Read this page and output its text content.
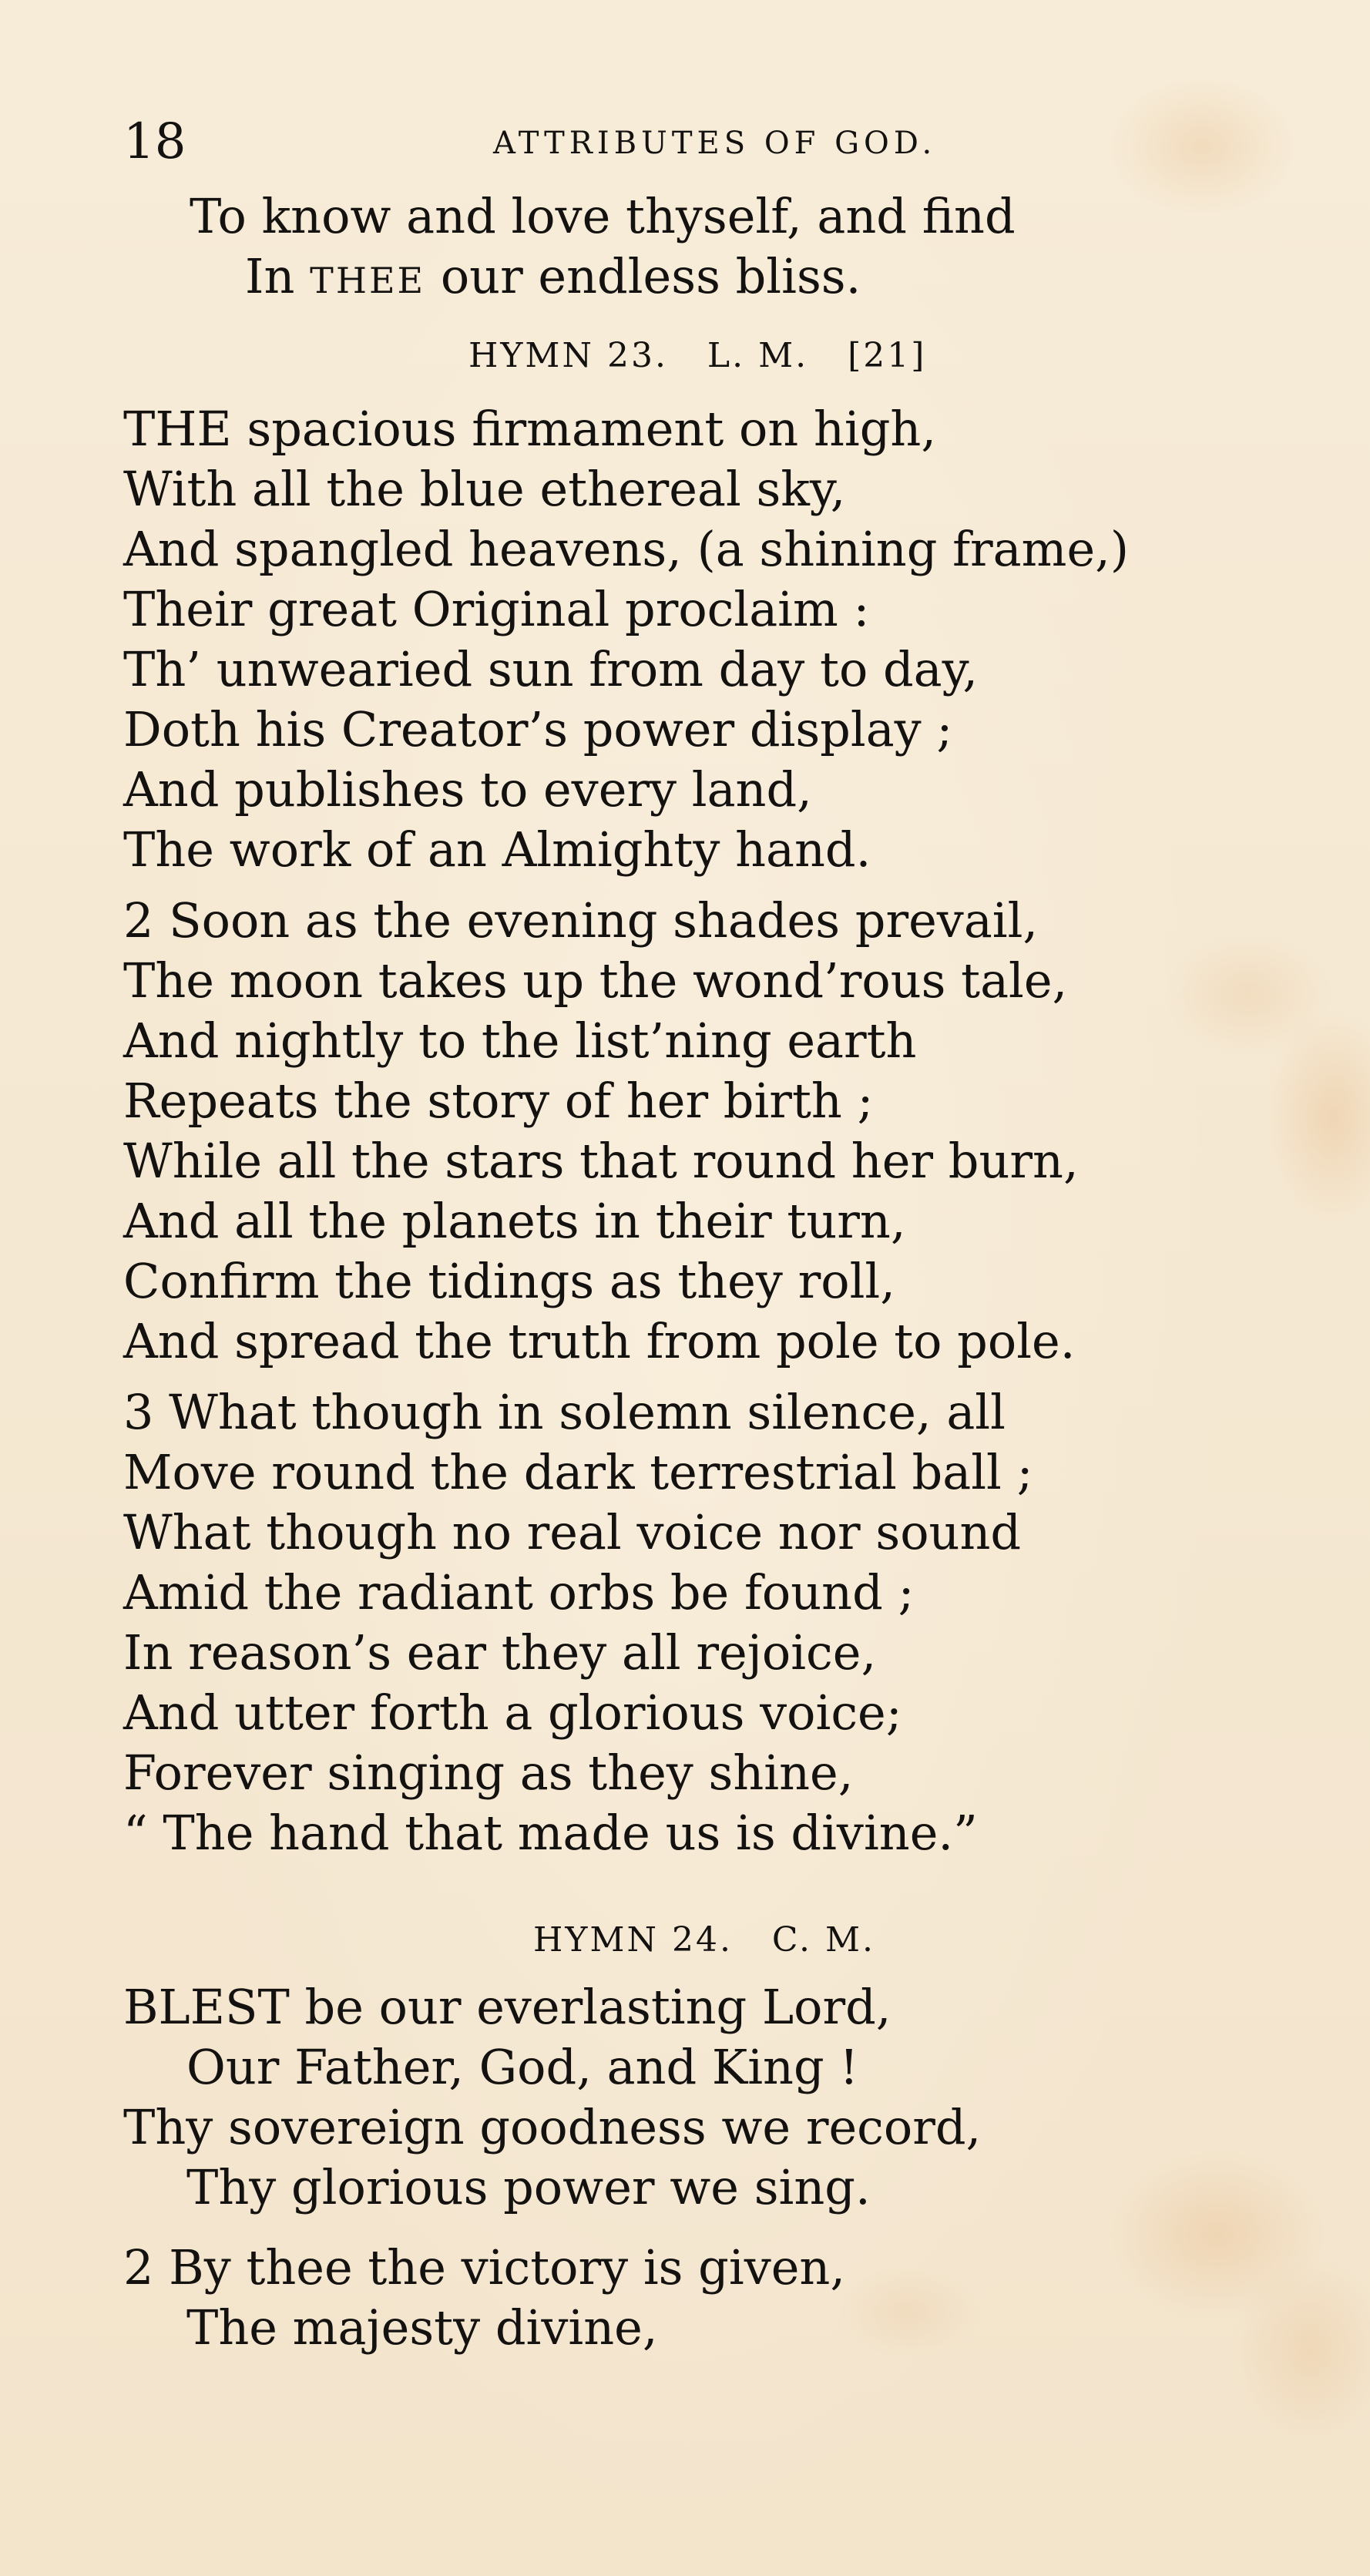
18	ATTRIBUTES OF GOD.
To know and love thyself, and find
In THEE our endless bliss.
HYMN 23.   L. M.   [21]
THE spacious firmament on high,
With all the blue ethereal sky,
And spangled heavens, (a shining frame,)
Their great Original proclaim :
Th’ unwearied sun from day to day,
Doth his Creator’s power display ;
And publishes to every land,
The work of an Almighty hand.
2 Soon as the evening shades prevail,
The moon takes up the wond’rous tale,
And nightly to the list’ning earth
Repeats the story of her birth ;
While all the stars that round her burn,
And all the planets in their turn,
Confirm the tidings as they roll,
And spread the truth from pole to pole.
3 What though in solemn silence, all
Move round the dark terrestrial ball ;
What though no real voice nor sound
Amid the radiant orbs be found ;
In reason’s ear they all rejoice,
And utter forth a glorious voice;
Forever singing as they shine,
“ The hand that made us is divine.”
HYMN 24.   C. M.
BLEST be our everlasting Lord,
Our Father, God, and King !
Thy sovereign goodness we record,
Thy glorious power we sing.
2 By thee the victory is given,
The majesty divine,
